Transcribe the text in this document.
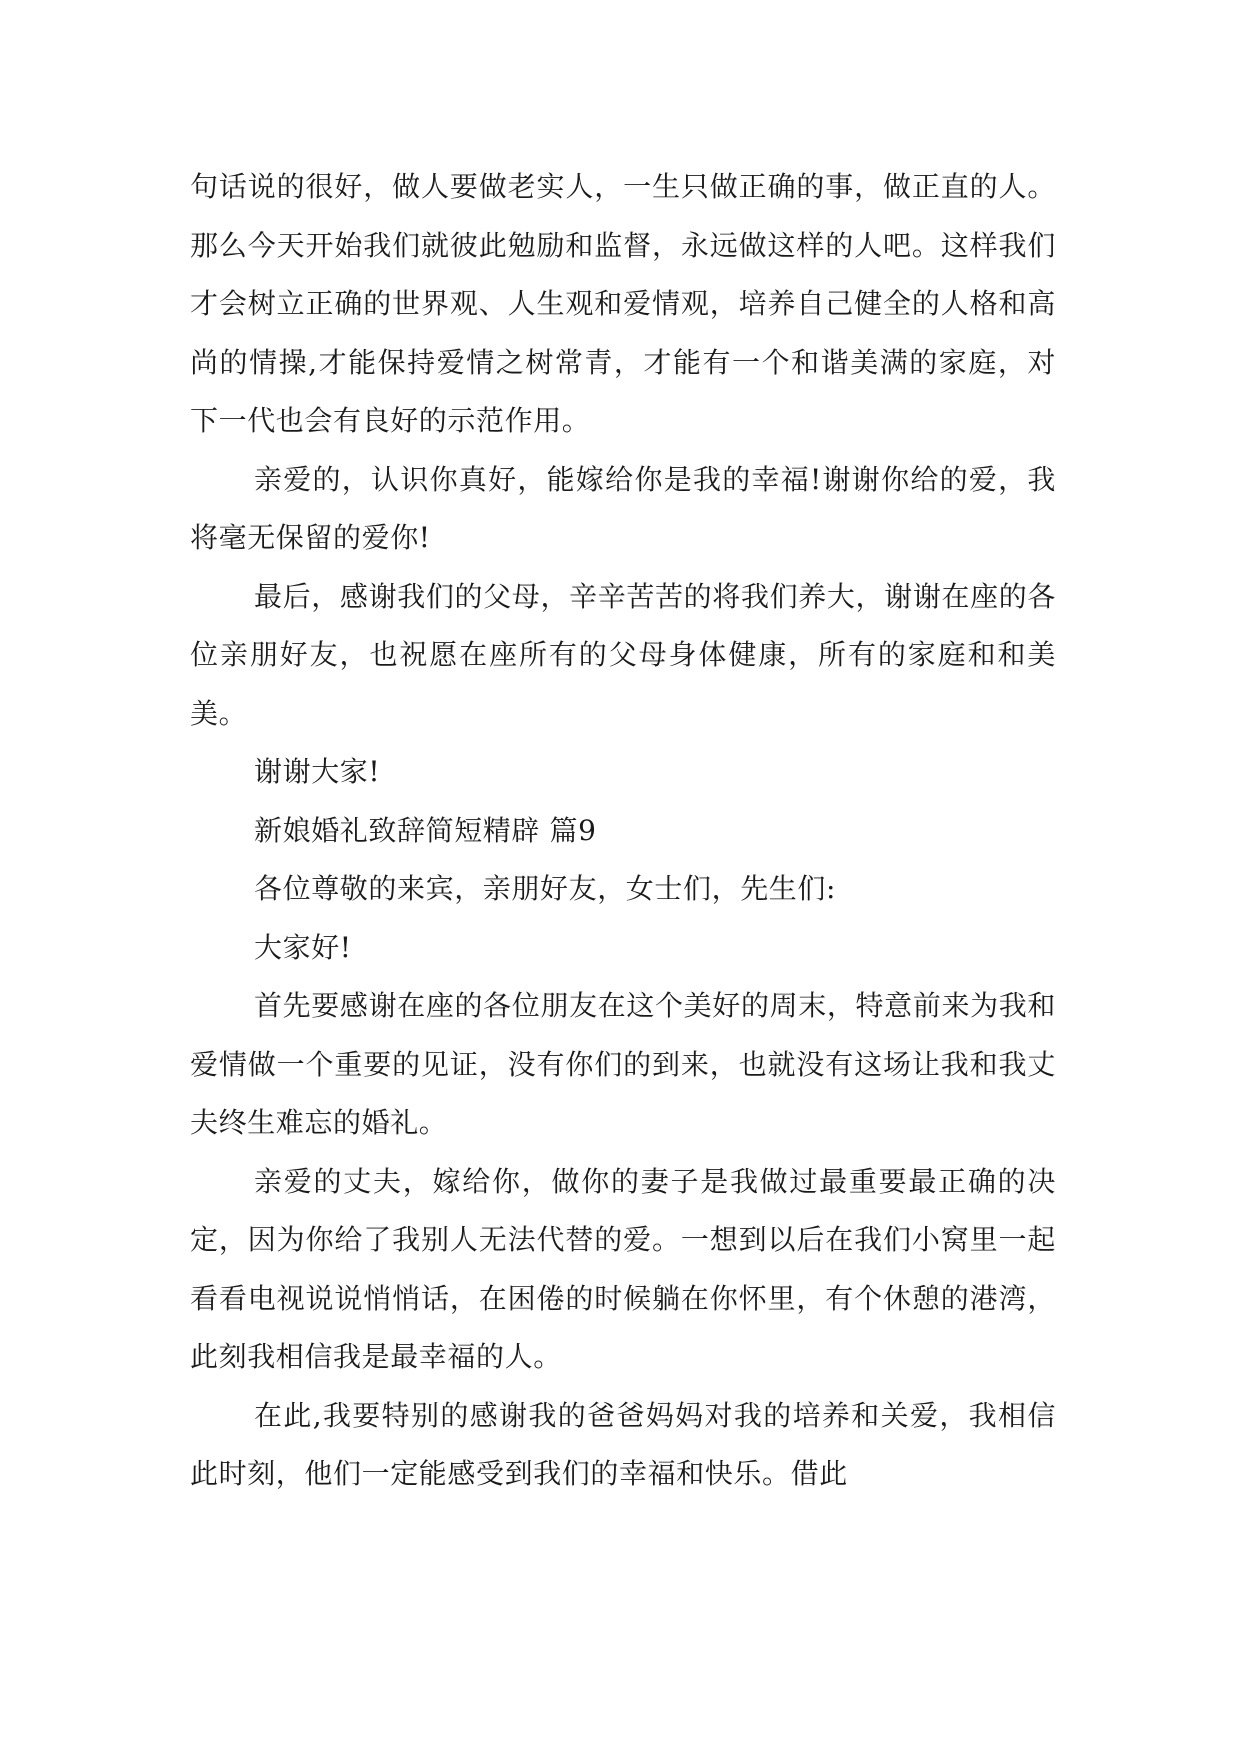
句话说的很好，做人要做老实人，一生只做正确的事，做正直的人。那么今天开始我们就彼此勉励和监督，永远做这样的人吧。这样我们才会树立正确的世界观、人生观和爱情观，培养自己健全的人格和高尚的情操,才能保持爱情之树常青，才能有一个和谐美满的家庭，对下一代也会有良好的示范作用。

亲爱的，认识你真好，能嫁给你是我的幸福!谢谢你给的爱，我将毫无保留的爱你!

最后，感谢我们的父母，辛辛苦苦的将我们养大，谢谢在座的各位亲朋好友，也祝愿在座所有的父母身体健康，所有的家庭和和美美。

谢谢大家!

新娘婚礼致辞简短精辟 篇9

各位尊敬的来宾，亲朋好友，女士们，先生们:

大家好!

首先要感谢在座的各位朋友在这个美好的周末，特意前来为我和爱情做一个重要的见证，没有你们的到来，也就没有这场让我和我丈夫终生难忘的婚礼。

亲爱的丈夫，嫁给你，做你的妻子是我做过最重要最正确的决定，因为你给了我别人无法代替的爱。一想到以后在我们小窝里一起看看电视说说悄悄话，在困倦的时候躺在你怀里，有个休憩的港湾，此刻我相信我是最幸福的人。

在此,我要特别的感谢我的爸爸妈妈对我的培养和关爱，我相信此时刻，他们一定能感受到我们的幸福和快乐。借此
